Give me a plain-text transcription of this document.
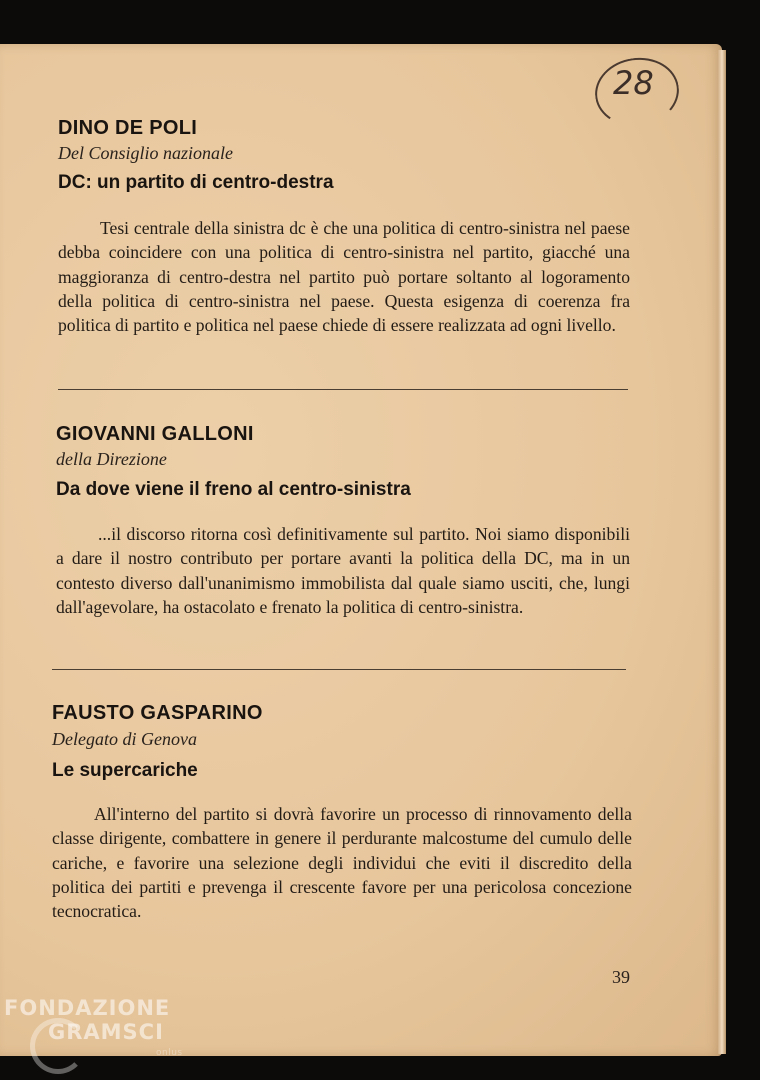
28
DINO DE POLI
Del Consiglio nazionale
DC: un partito di centro-destra

Tesi centrale della sinistra dc è che una politica di centro-sinistra nel paese debba coincidere con una politica di centro-sinistra nel partito, giacché una maggioranza di centro-destra nel partito può portare soltanto al logoramento della politica di centro-sinistra nel paese. Questa esigenza di coerenza fra politica di partito e politica nel paese chiede di essere realizzata ad ogni livello.

GIOVANNI GALLONI
della Direzione
Da dove viene il freno al centro-sinistra

...il discorso ritorna così definitivamente sul partito. Noi siamo disponibili a dare il nostro contributo per portare avanti la politica della DC, ma in un contesto diverso dall'unanimismo immobilista dal quale siamo usciti, che, lungi dall'agevolare, ha ostacolato e frenato la politica di centro-sinistra.

FAUSTO GASPARINO
Delegato di Genova
Le supercariche

All'interno del partito si dovrà favorire un processo di rinnovamento della classe dirigente, combattere in genere il perdurante malcostume del cumulo delle cariche, e favorire una selezione degli individui che eviti il discredito della politica dei partiti e prevenga il crescente favore per una pericolosa concezione tecnocratica.

39
FONDAZIONE
GRAMSCI
onlus
